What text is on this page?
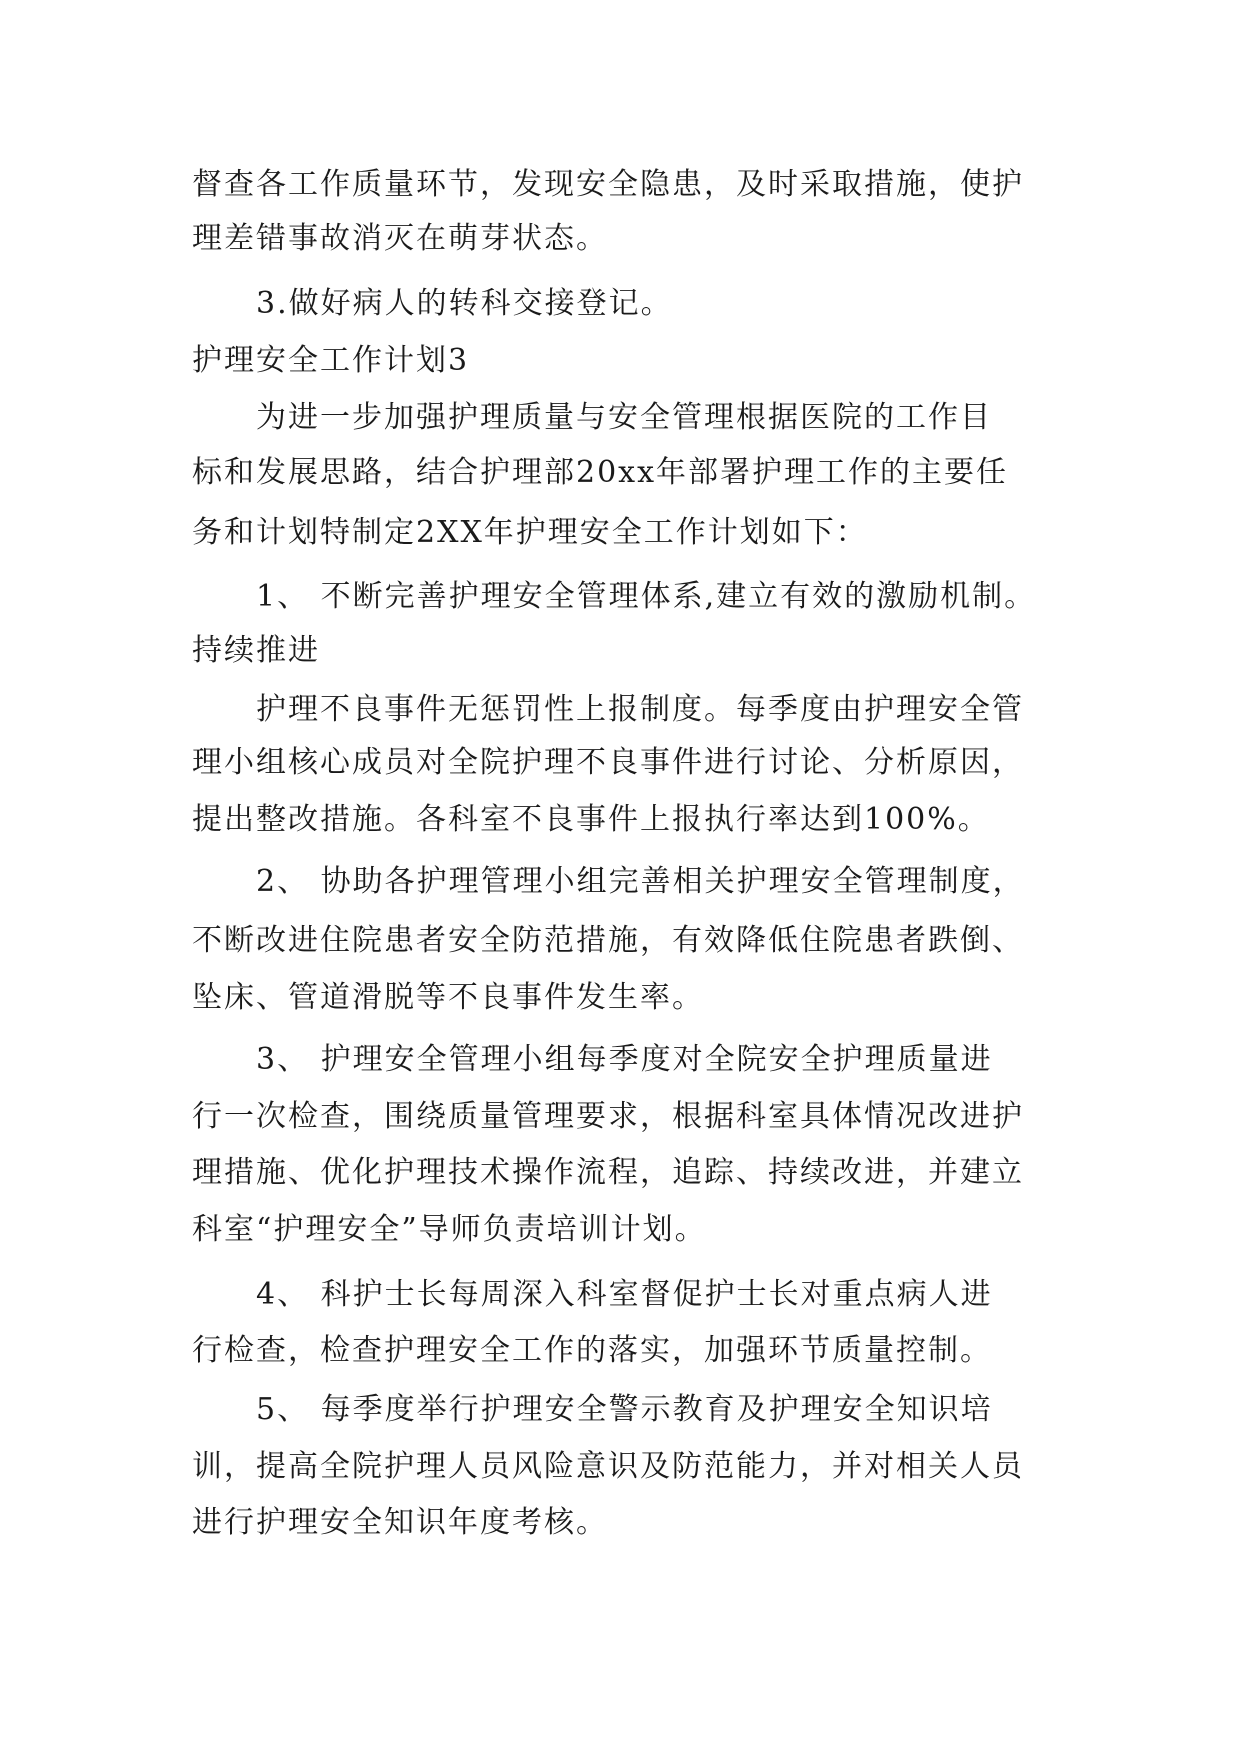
督查各工作质量环节，发现安全隐患，及时采取措施，使护

理差错事故消灭在萌芽状态。

3.做好病人的转科交接登记。

护理安全工作计划3

为进一步加强护理质量与安全管理根据医院的工作目

标和发展思路，结合护理部20xx年部署护理工作的主要任

务和计划特制定2XX年护理安全工作计划如下：

1、 不断完善护理安全管理体系,建立有效的激励机制。

持续推进

护理不良事件无惩罚性上报制度。每季度由护理安全管

理小组核心成员对全院护理不良事件进行讨论、分析原因，

提出整改措施。各科室不良事件上报执行率达到100%。

2、 协助各护理管理小组完善相关护理安全管理制度，

不断改进住院患者安全防范措施，有效降低住院患者跌倒、

坠床、管道滑脱等不良事件发生率。

3、 护理安全管理小组每季度对全院安全护理质量进

行一次检查，围绕质量管理要求，根据科室具体情况改进护

理措施、优化护理技术操作流程，追踪、持续改进，并建立

科室“护理安全”导师负责培训计划。

4、 科护士长每周深入科室督促护士长对重点病人进

行检查，检查护理安全工作的落实，加强环节质量控制。

5、 每季度举行护理安全警示教育及护理安全知识培

训，提高全院护理人员风险意识及防范能力，并对相关人员

进行护理安全知识年度考核。
